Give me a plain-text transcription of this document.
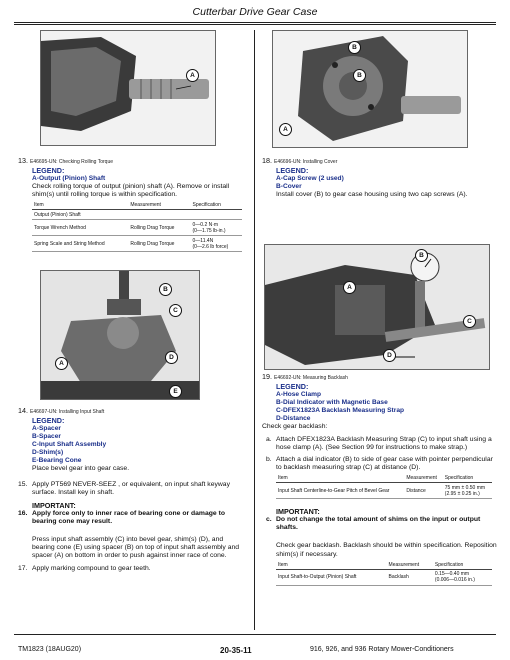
Cutterbar Drive Gear Case
A
13. E46695-UN: Checking Rolling Torque
LEGEND:
A-Output (Pinion) Shaft
Check rolling torque of output (pinion) shaft (A). Remove or install shim(s) until rolling torque is within specification.
Item	Measurement	Specification
Output (Pinion) Shaft		
Torque Wrench Method	Rolling Drag Torque	0—0.2 N·m
(0—1.75 lb-in.)
Spring Scale and String Method	Rolling Drag Torque	0—11.4N
(0—2.6 lb force)
B
B
A
18. E46696-UN: Installing Cover
LEGEND:
A-Cap Screw (2 used)
B-Cover
Install cover (B) to gear case housing using two cap screws (A).
B
C
A
D
E
14. E46697-UN: Installing Input Shaft
LEGEND:
A-Spacer
B-Spacer
C-Input Shaft Assembly
D-Shim(s)
E-Bearing Cone
Place bevel gear into gear case.
15. Apply PT569 NEVER-SEEZ , or equivalent, on input shaft keyway surface. Install key in shaft.
IMPORTANT:
16. Apply force only to inner race of bearing cone or damage to bearing cone may result.
Press input shaft assembly (C) into bevel gear, shim(s) (D), and bearing cone (E) using spacer (B) on top of input shaft assembly and spacer (A) on bottom in order to push against inner race of cone.
17. Apply marking compound to gear teeth.
B
A
C
D
19. E46692-UN: Measuring Backlash
LEGEND:
A-Hose Clamp
B-Dial Indicator with Magnetic Base
C-DFEX1823A Backlash Measuring Strap
D-Distance
Check gear backlash:
a. Attach DFEX1823A Backlash Measuring Strap (C) to input shaft using a hose clamp (A). (See Section 99 for instructions to make strap.)
b. Attach a dial indicator (B) to side of gear case with pointer perpendicular to backlash measuring strap (C) at distance (D).
Item	Measurement	Specification
Input Shaft Centerline-to-Gear Pitch of Bevel Gear	Distance	75 mm ± 0.50 mm
(2.95 ± 0.25 in.)
IMPORTANT:
c. Do not change the total amount of shims on the input or output shafts.
Check gear backlash. Backlash should be within specification. Reposition shim(s) if necessary.
Item	Measurement	Specification
Input Shaft-to-Output (Pinion) Shaft	Backlash	0.15—0.40 mm
(0.006—0.016 in.)
TM1823 (18AUG20)	20-35-11	916, 926, and 936 Rotary Mower-Conditioners
